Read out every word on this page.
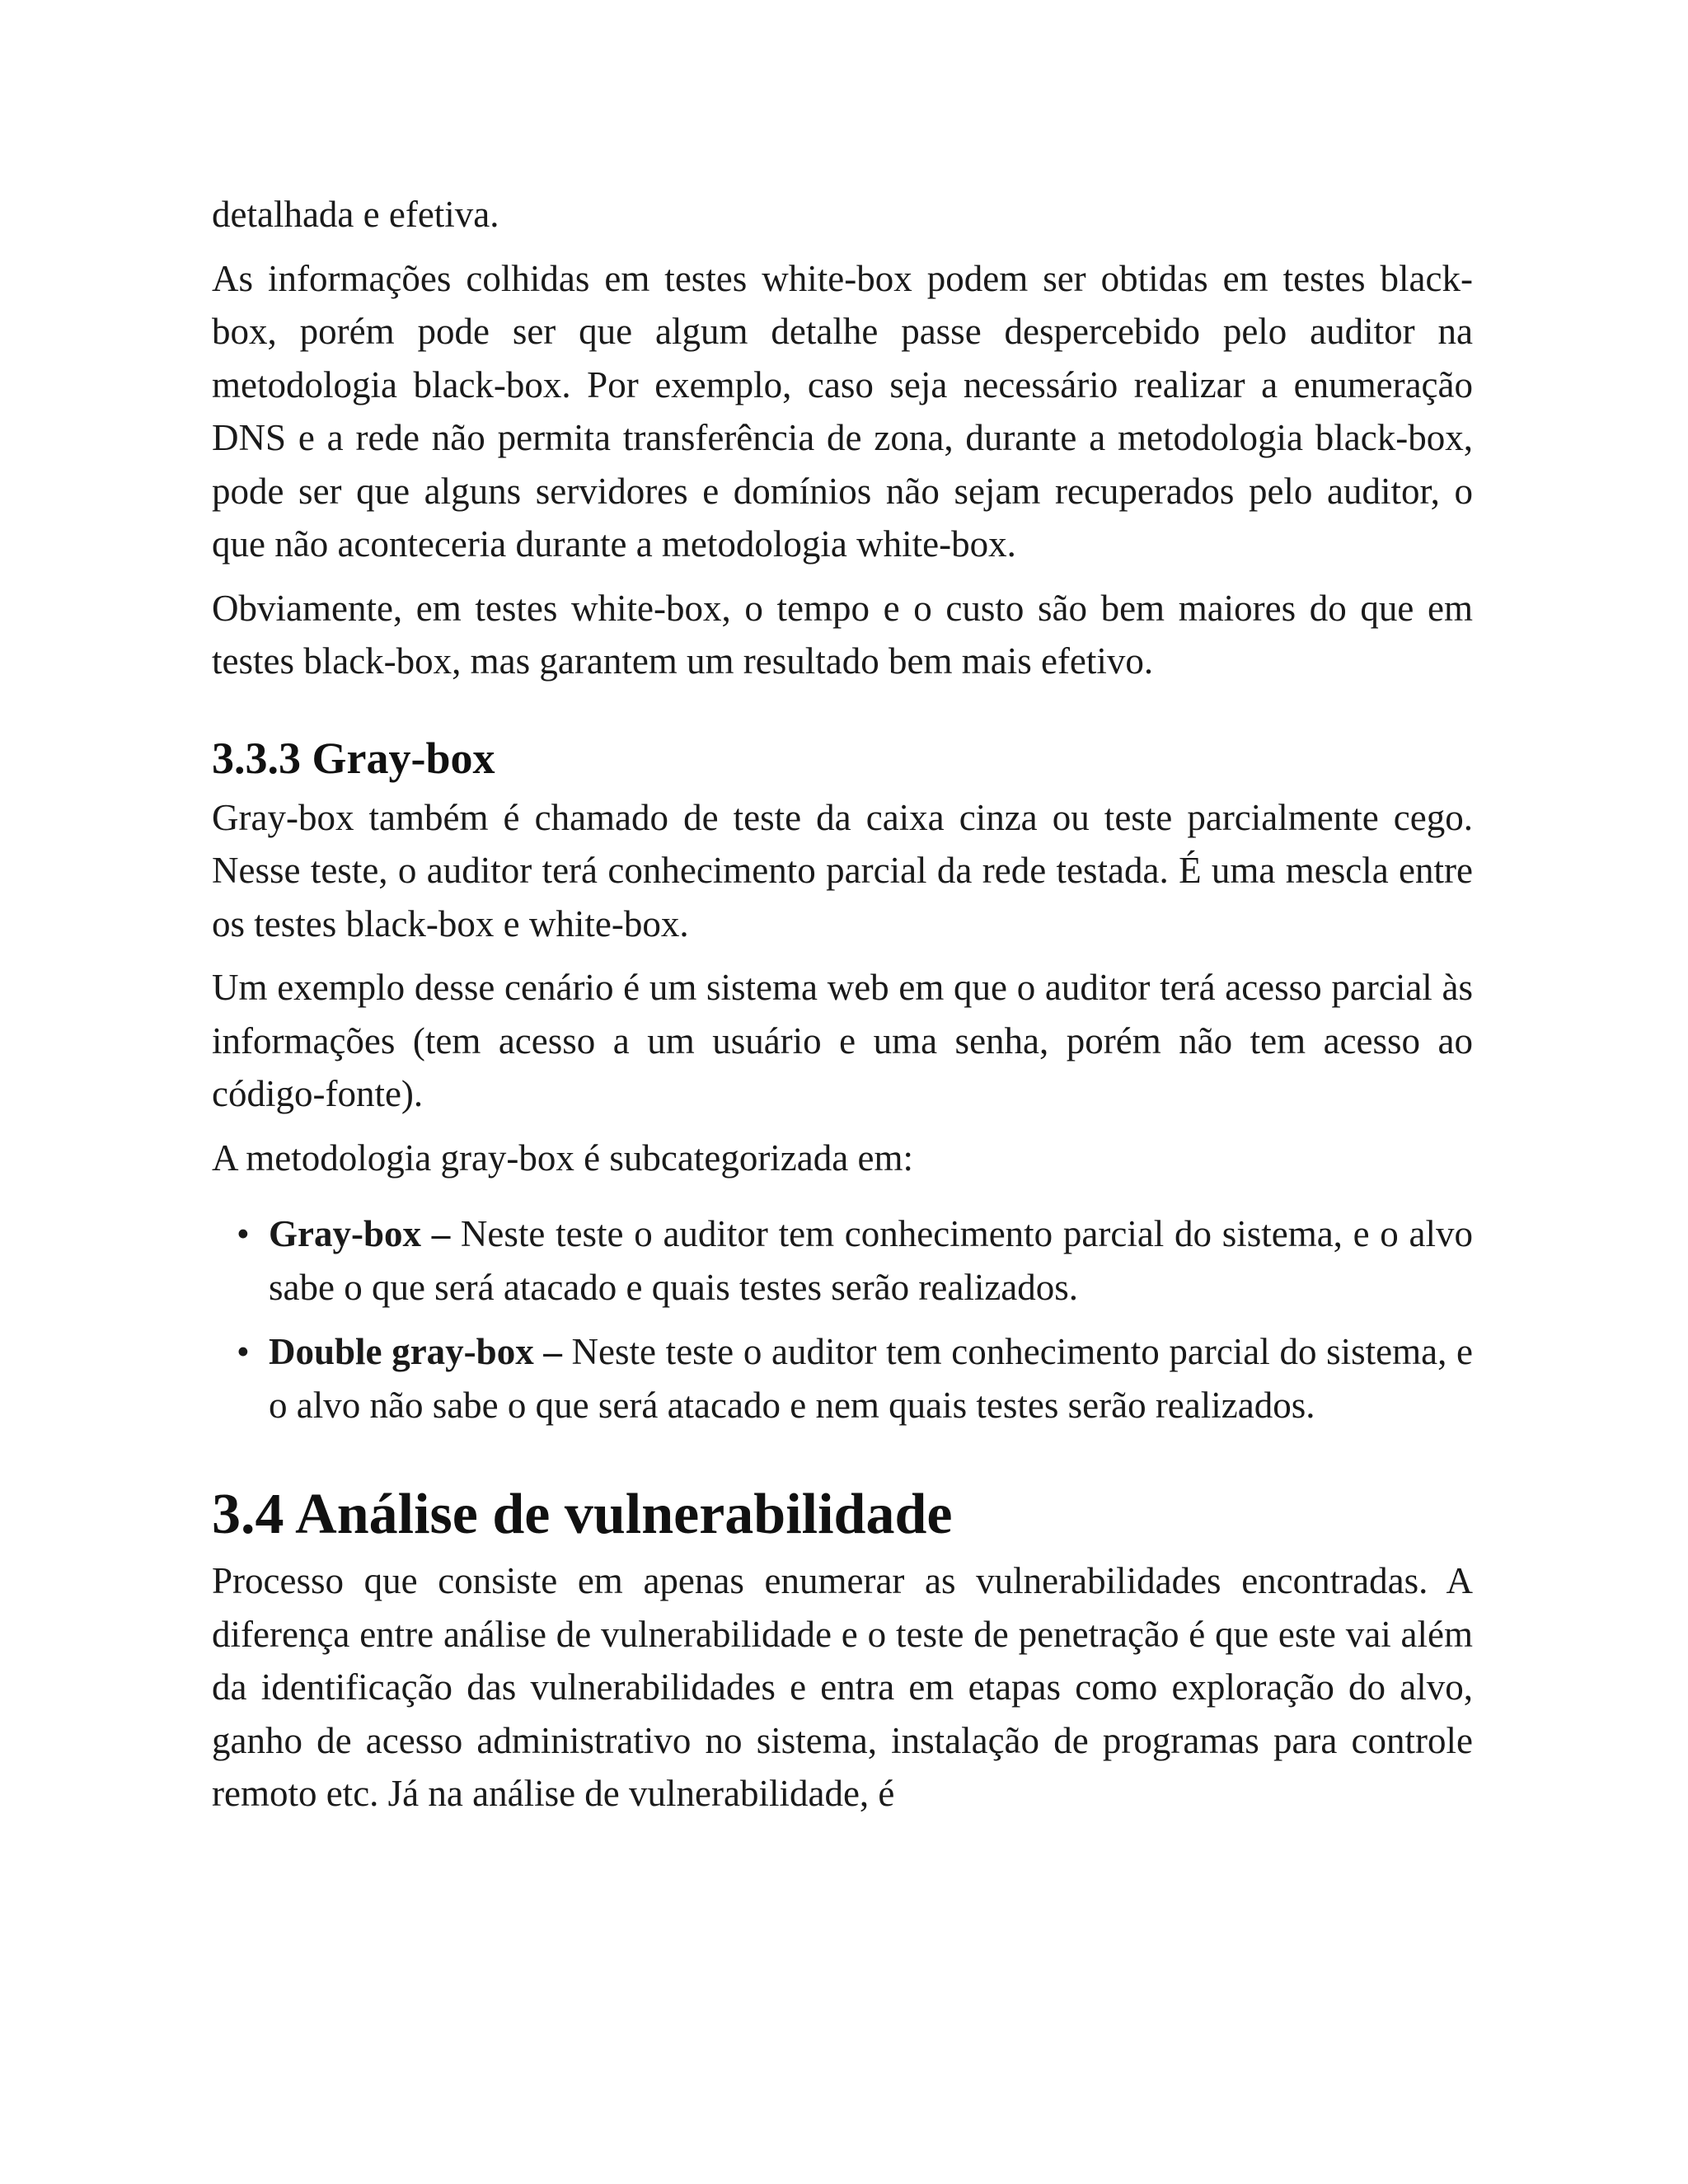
detalhada e efetiva.

As informações colhidas em testes white-box podem ser obtidas em testes black-box, porém pode ser que algum detalhe passe despercebido pelo auditor na metodologia black-box. Por exemplo, caso seja necessário realizar a enumeração DNS e a rede não permita transferência de zona, durante a metodologia black-box, pode ser que alguns servidores e domínios não sejam recuperados pelo auditor, o que não aconteceria durante a metodologia white-box.

Obviamente, em testes white-box, o tempo e o custo são bem maiores do que em testes black-box, mas garantem um resultado bem mais efetivo.

3.3.3 Gray-box

Gray-box também é chamado de teste da caixa cinza ou teste parcialmente cego. Nesse teste, o auditor terá conhecimento parcial da rede testada. É uma mescla entre os testes black-box e white-box.

Um exemplo desse cenário é um sistema web em que o auditor terá acesso parcial às informações (tem acesso a um usuário e uma senha, porém não tem acesso ao código-fonte).

A metodologia gray-box é subcategorizada em:

• Gray-box – Neste teste o auditor tem conhecimento parcial do sistema, e o alvo sabe o que será atacado e quais testes serão realizados.
• Double gray-box – Neste teste o auditor tem conhecimento parcial do sistema, e o alvo não sabe o que será atacado e nem quais testes serão realizados.
3.4 Análise de vulnerabilidade

Processo que consiste em apenas enumerar as vulnerabilidades encontradas. A diferença entre análise de vulnerabilidade e o teste de penetração é que este vai além da identificação das vulnerabilidades e entra em etapas como exploração do alvo, ganho de acesso administrativo no sistema, instalação de programas para controle remoto etc. Já na análise de vulnerabilidade, é
